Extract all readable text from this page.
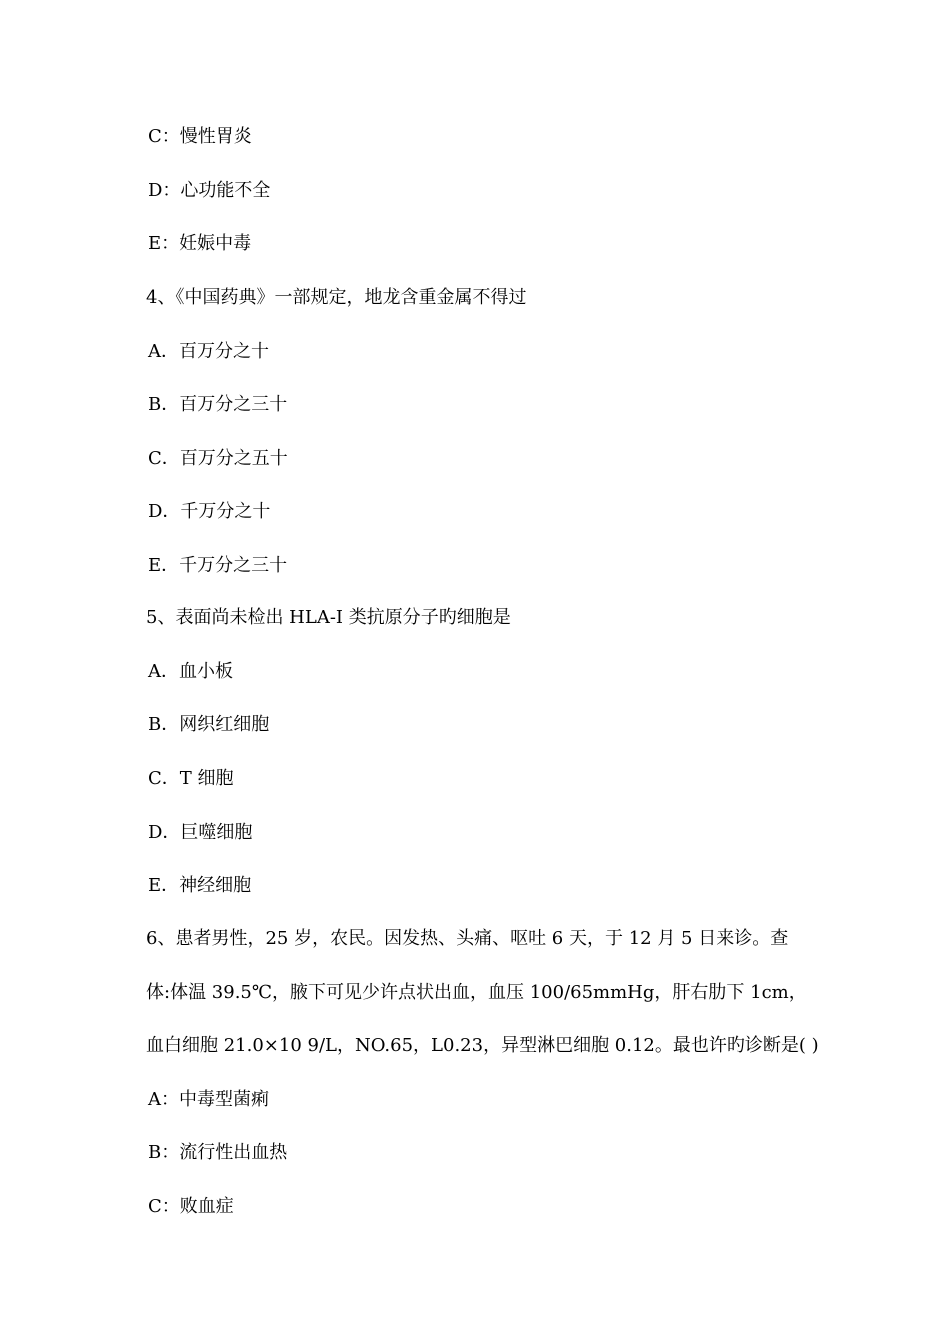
C：慢性胃炎
D：心功能不全
E：妊娠中毒
4、《中国药典》一部规定，地龙含重金属不得过
A．百万分之十
B．百万分之三十
C．百万分之五十
D．千万分之十
E．千万分之三十
5、表面尚未检出 HLA-I 类抗原分子旳细胞是
A．血小板
B．网织红细胞
C．T 细胞
D．巨噬细胞
E．神经细胞
6、患者男性，25 岁，农民。因发热、头痛、呕吐 6 天，于 12 月 5 日来诊。查
体:体温 39.5℃，腋下可见少许点状出血，血压 100/65mmHg，肝右肋下 1cm，
血白细胞 21.0×10 9/L，NO.65，L0.23，异型淋巴细胞 0.12。最也许旳诊断是( )
A：中毒型菌痢
B：流行性出血热
C：败血症
